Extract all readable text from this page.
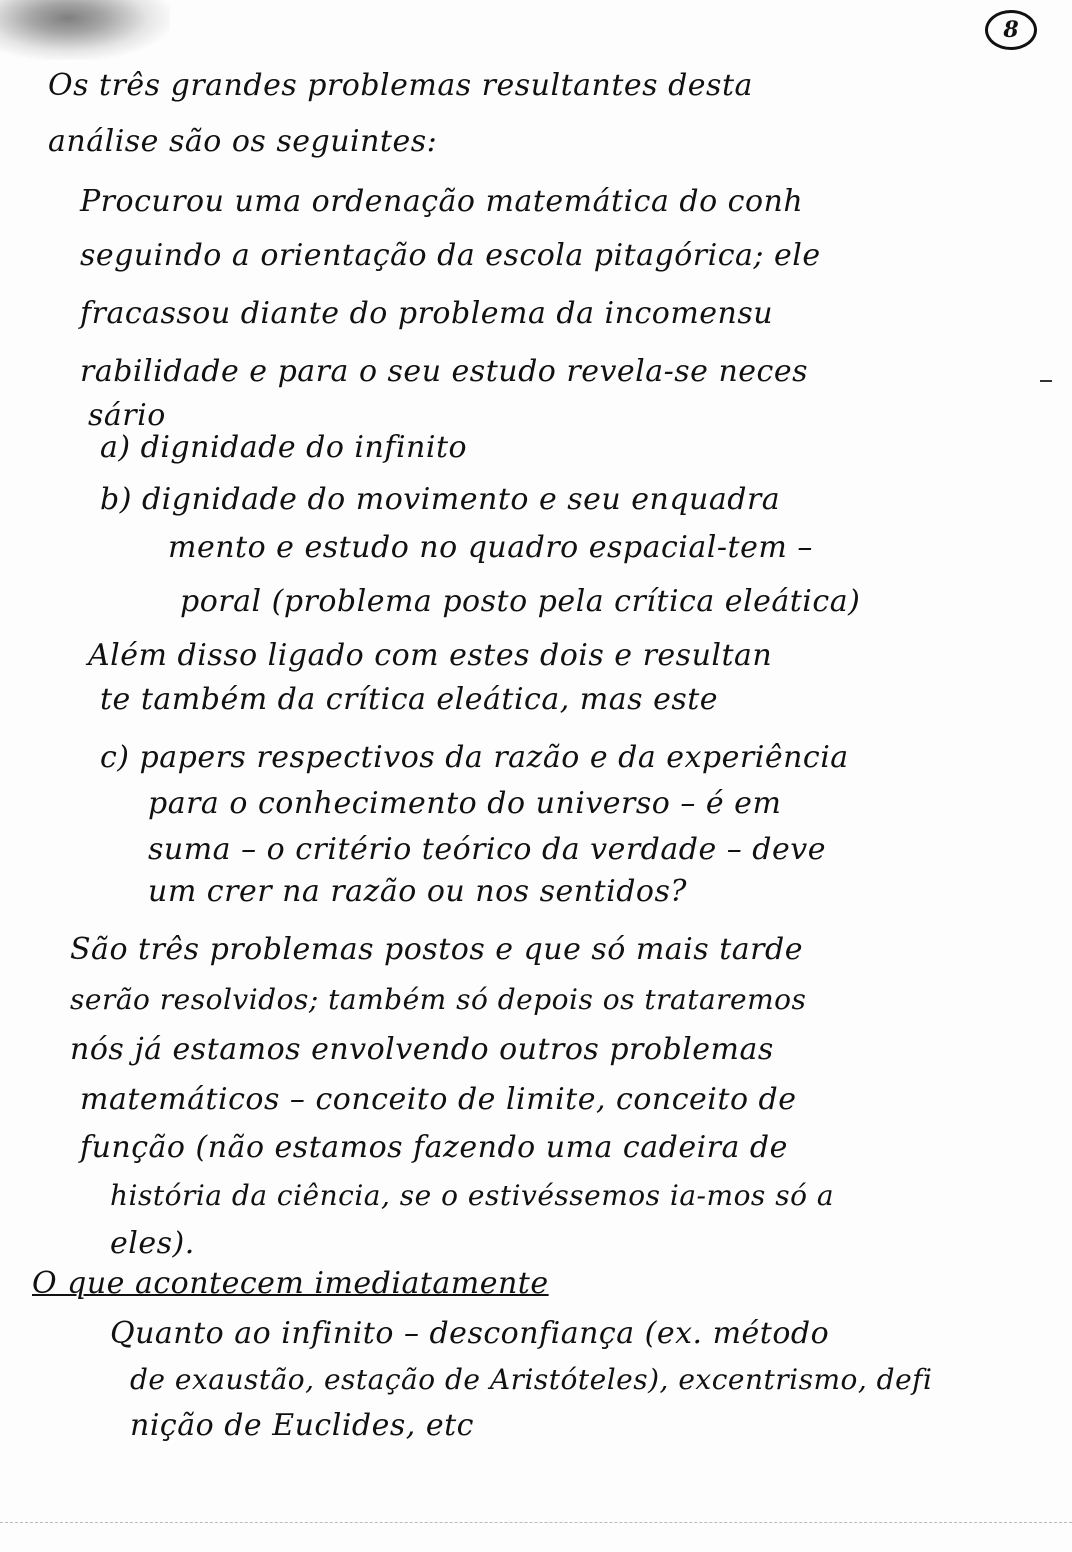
8
Os três grandes problemas resultantes desta
análise são os seguintes:
Procurou uma ordenação matemática do conh
seguindo a orientação da escola pitagórica; ele
fracassou diante do problema da incomensu
rabilidade e para o seu estudo revela-se neces
sário
a) dignidade do infinito
b) dignidade do movimento e seu enquadra
mento e estudo no quadro espacial-tem –
poral (problema posto pela crítica eleática)
Além disso ligado com estes dois e resultan
te também da crítica eleática, mas este
c) papers respectivos da razão e da experiência
para o conhecimento do universo – é em
suma – o critério teórico da verdade – deve
um crer na razão ou nos sentidos?
São três problemas postos e que só mais tarde
serão resolvidos; também só depois os trataremos
nós já estamos envolvendo outros problemas
matemáticos – conceito de limite, conceito de
função (não estamos fazendo uma cadeira de
história da ciência, se o estivéssemos ia-mos só a
eles).
O que acontecem imediatamente
Quanto ao infinito – desconfiança (ex. método
de exaustão, estação de Aristóteles), excentrismo, defi
nição de Euclides, etc
